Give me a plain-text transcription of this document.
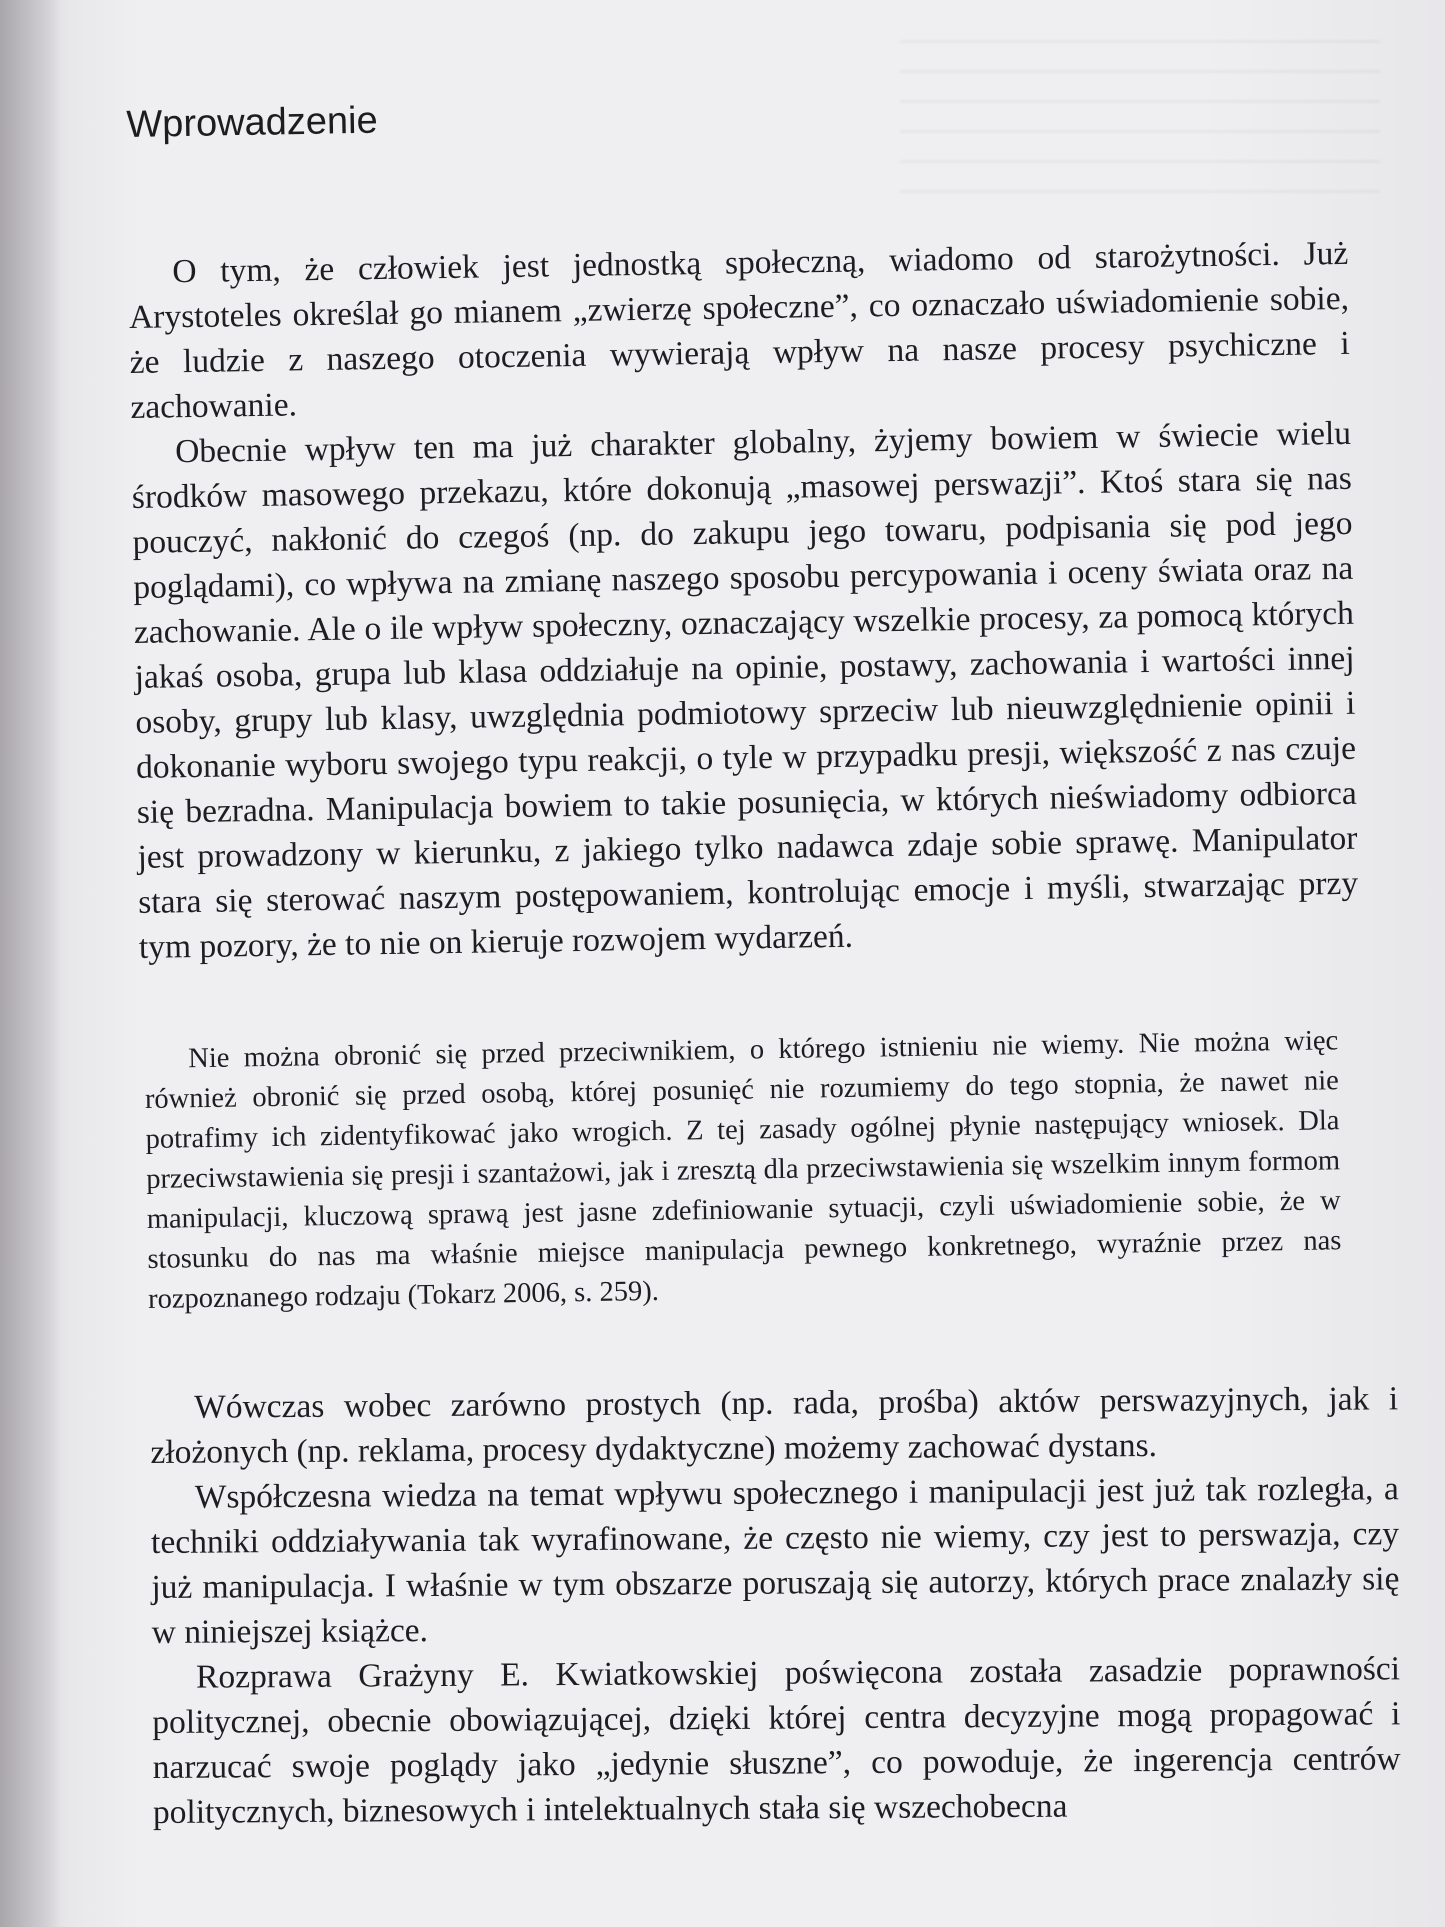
Wprowadzenie

O tym, że człowiek jest jednostką społeczną, wiadomo od starożytności. Już Arystoteles określał go mianem „zwierzę społeczne”, co oznaczało uświadomienie sobie, że ludzie z naszego otoczenia wywierają wpływ na nasze procesy psychiczne i zachowanie.

Obecnie wpływ ten ma już charakter globalny, żyjemy bowiem w świecie wielu środków masowego przekazu, które dokonują „masowej perswazji”. Ktoś stara się nas pouczyć, nakłonić do czegoś (np. do zakupu jego towaru, podpisania się pod jego poglądami), co wpływa na zmianę naszego sposobu percypowania i oceny świata oraz na zachowanie. Ale o ile wpływ społeczny, oznaczający wszelkie procesy, za pomocą których jakaś osoba, grupa lub klasa oddziałuje na opinie, postawy, zachowania i wartości innej osoby, grupy lub klasy, uwzględnia podmiotowy sprzeciw lub nieuwzględnienie opinii i dokonanie wyboru swojego typu reakcji, o tyle w przypadku presji, większość z nas czuje się bezradna. Manipulacja bowiem to takie posunięcia, w których nieświadomy odbiorca jest prowadzony w kierunku, z jakiego tylko nadawca zdaje sobie sprawę. Manipulator stara się sterować naszym postępowaniem, kontrolując emocje i myśli, stwarzając przy tym pozory, że to nie on kieruje rozwojem wydarzeń.

Nie można obronić się przed przeciwnikiem, o którego istnieniu nie wiemy. Nie można więc również obronić się przed osobą, której posunięć nie rozumiemy do tego stopnia, że nawet nie potrafimy ich zidentyfikować jako wrogich. Z tej zasady ogólnej płynie następujący wniosek. Dla przeciwstawienia się presji i szantażowi, jak i zresztą dla przeciwstawienia się wszelkim innym formom manipulacji, kluczową sprawą jest jasne zdefiniowanie sytuacji, czyli uświadomienie sobie, że w stosunku do nas ma właśnie miejsce manipulacja pewnego konkretnego, wyraźnie przez nas rozpoznanego rodzaju (Tokarz 2006, s. 259).

Wówczas wobec zarówno prostych (np. rada, prośba) aktów perswazyjnych, jak i złożonych (np. reklama, procesy dydaktyczne) możemy zachować dystans.

Współczesna wiedza na temat wpływu społecznego i manipulacji jest już tak rozległa, a techniki oddziaływania tak wyrafinowane, że często nie wiemy, czy jest to perswazja, czy już manipulacja. I właśnie w tym obszarze poruszają się autorzy, których prace znalazły się w niniejszej książce.

Rozprawa Grażyny E. Kwiatkowskiej poświęcona została zasadzie poprawności politycznej, obecnie obowiązującej, dzięki której centra decyzyjne mogą propagować i narzucać swoje poglądy jako „jedynie słuszne”, co powoduje, że ingerencja centrów politycznych, biznesowych i intelektualnych stała się wszechobecna
